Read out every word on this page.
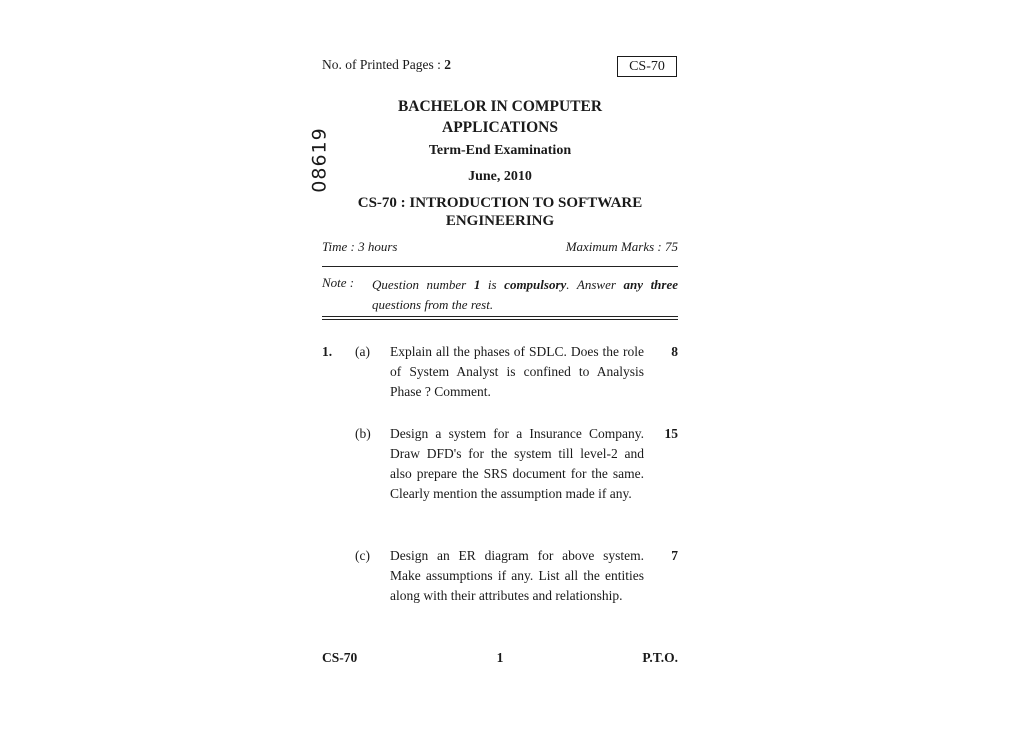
No. of Printed Pages : 2	CS-70
08619
BACHELOR IN COMPUTER
APPLICATIONS
Term-End Examination
June, 2010
CS-70 : INTRODUCTION TO SOFTWARE
ENGINEERING
Time : 3 hours	Maximum Marks : 75
Note : Question number 1 is compulsory. Answer any three questions from the rest.
1. (a) Explain all the phases of SDLC. Does the role of System Analyst is confined to Analysis Phase ? Comment.
8
(b) Design a system for a Insurance Company. Draw DFD's for the system till level-2 and also prepare the SRS document for the same. Clearly mention the assumption made if any.
15
(c) Design an ER diagram for above system. Make assumptions if any. List all the entities along with their attributes and relationship.
7
CS-70	1	P.T.O.
